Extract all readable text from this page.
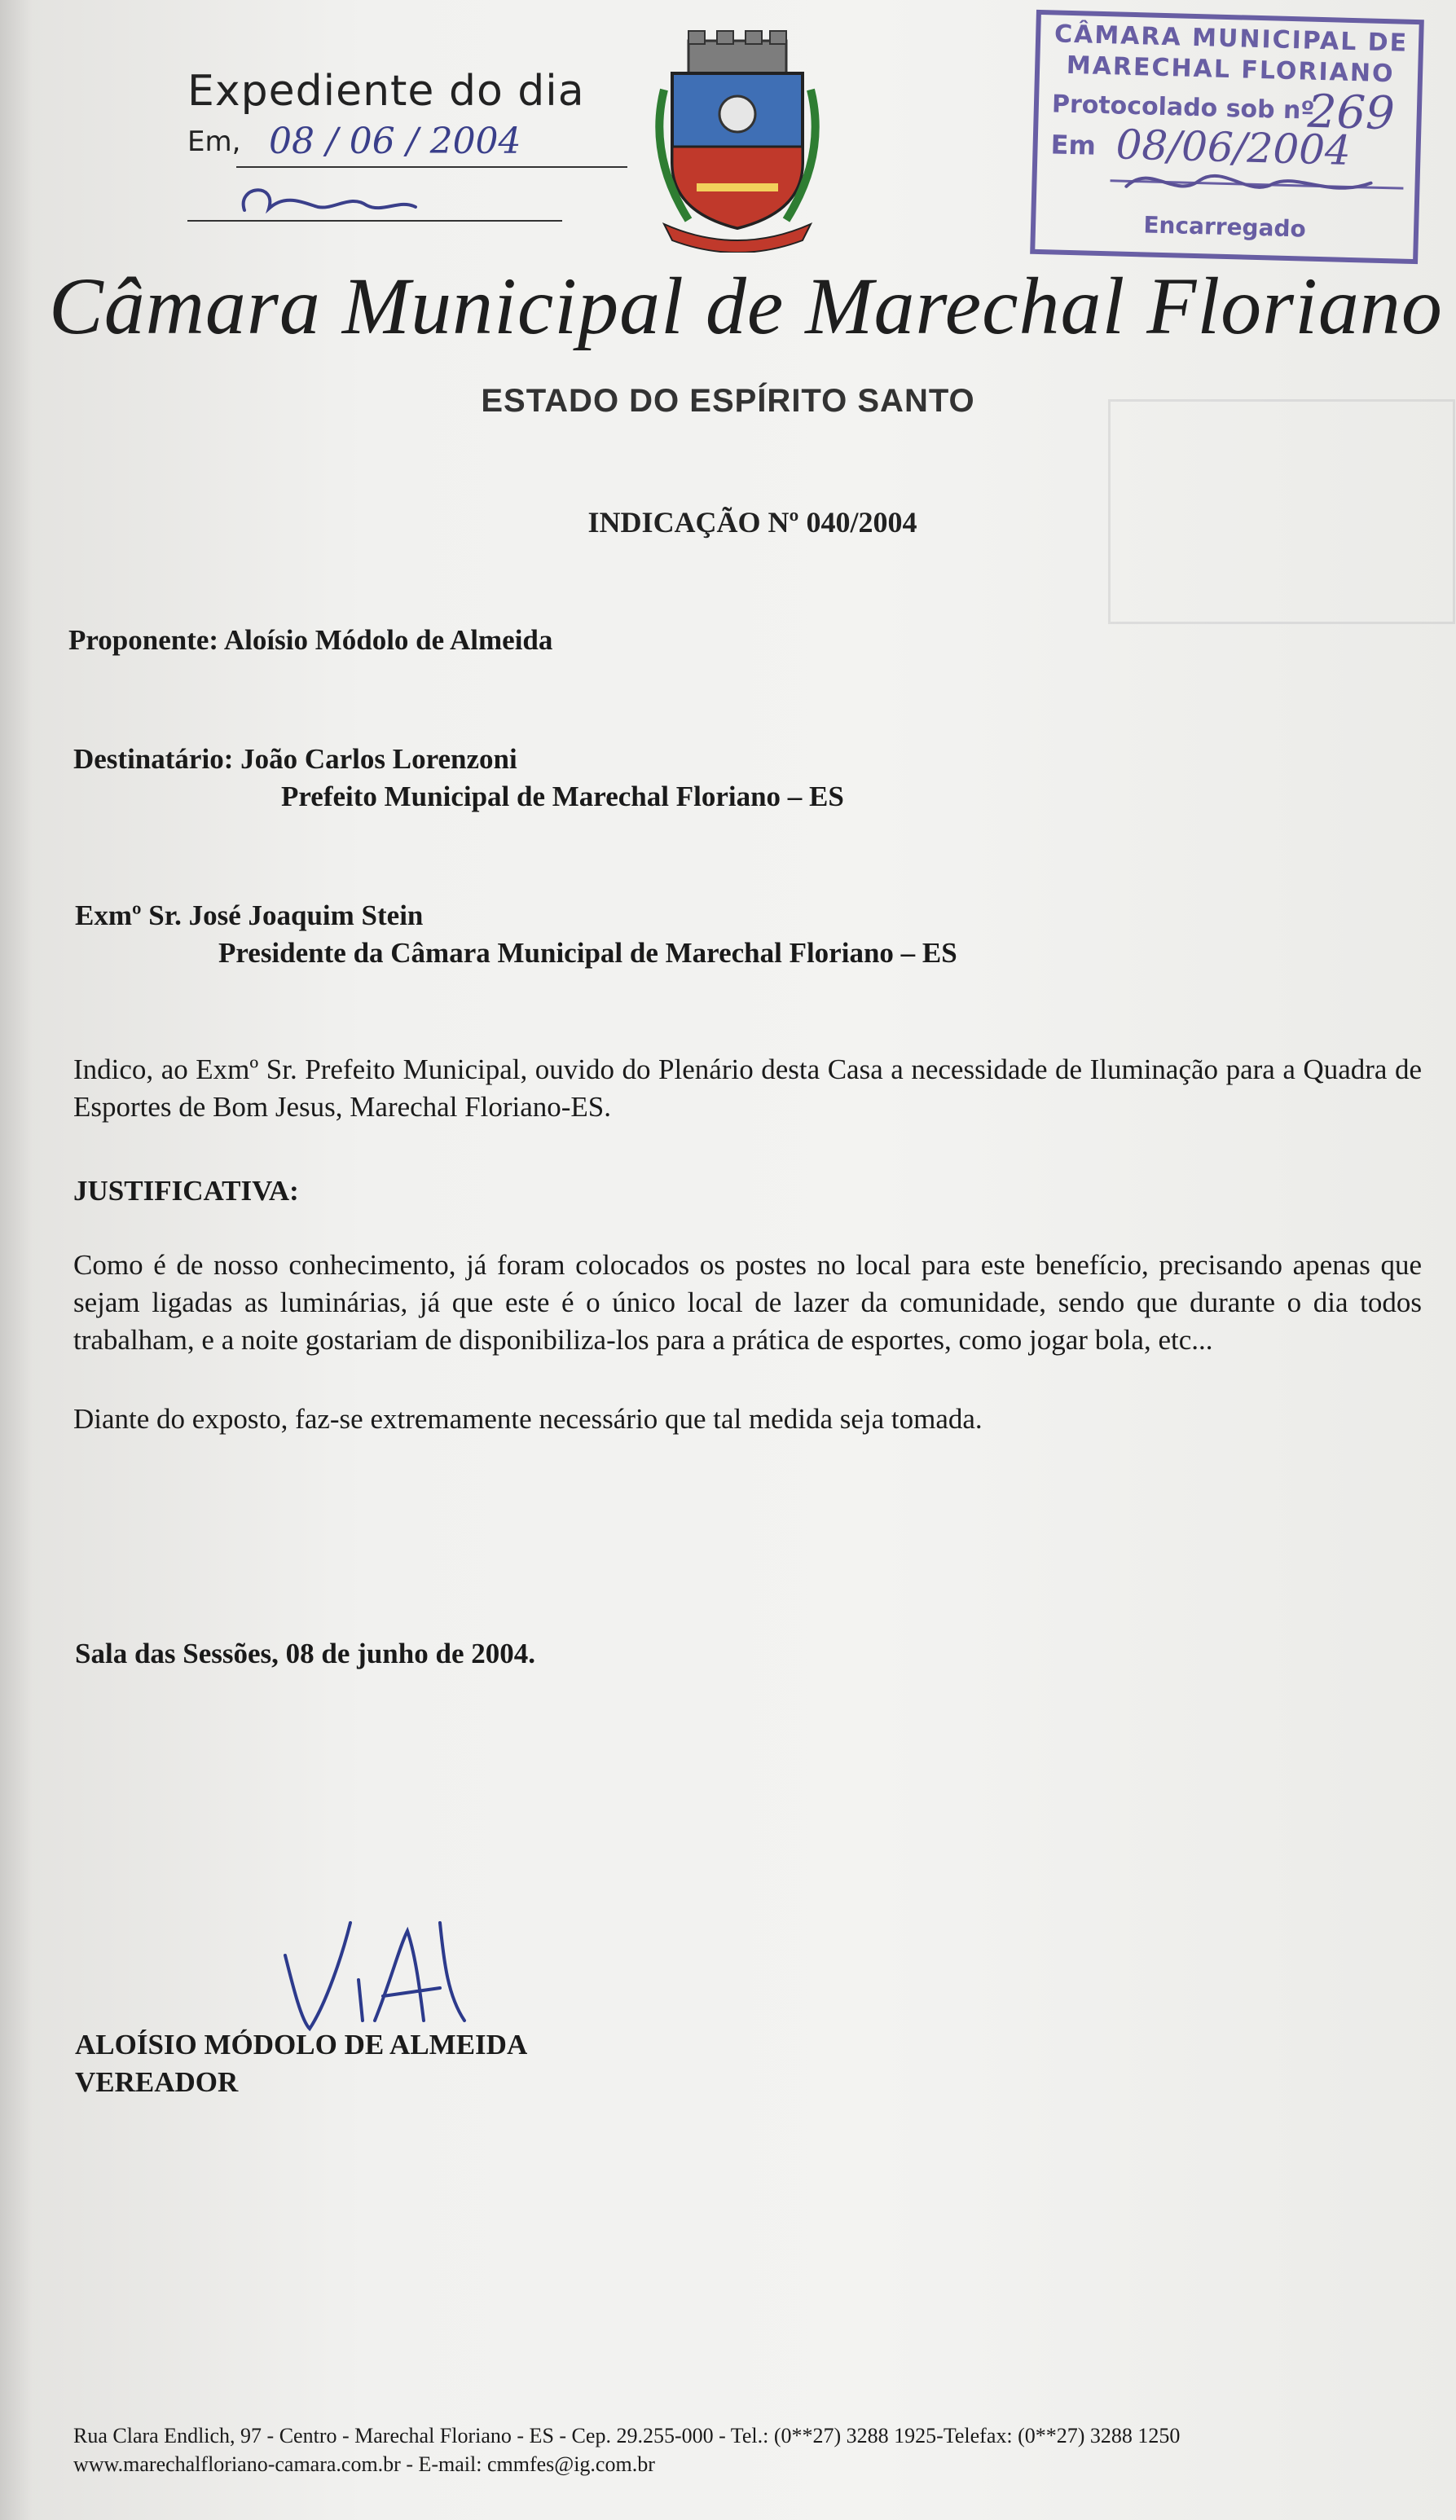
Expediente do dia
Em, 08 / 06 / 2004
CÂMARA MUNICIPAL DE
MARECHAL FLORIANO
Protocolado sob nº
269
Em 08/06/2004
Encarregado
Câmara Municipal de Marechal Floriano
ESTADO DO ESPÍRITO SANTO
INDICAÇÃO Nº 040/2004
Proponente: Aloísio Módolo de Almeida
Destinatário: João Carlos Lorenzoni
Prefeito Municipal de Marechal Floriano – ES
Exmº Sr. José Joaquim Stein
Presidente da Câmara Municipal de Marechal Floriano – ES
Indico, ao Exmº Sr. Prefeito Municipal, ouvido do Plenário desta Casa a necessidade de Iluminação para a Quadra de Esportes de Bom Jesus, Marechal Floriano-ES.
JUSTIFICATIVA:
Como é de nosso conhecimento, já foram colocados os postes no local para este benefício, precisando apenas que sejam ligadas as luminárias, já que este é o único local de lazer da comunidade, sendo que durante o dia todos trabalham, e a noite gostariam de disponibiliza-los para a prática de esportes, como jogar bola, etc...
Diante do exposto, faz-se extremamente necessário que tal medida seja tomada.
Sala das Sessões, 08 de junho de 2004.
ALOÍSIO MÓDOLO DE ALMEIDA
VEREADOR
Rua Clara Endlich, 97 - Centro - Marechal Floriano - ES - Cep. 29.255-000 - Tel.: (0**27) 3288 1925-Telefax: (0**27) 3288 1250
www.marechalfloriano-camara.com.br - E-mail: cmmfes@ig.com.br
